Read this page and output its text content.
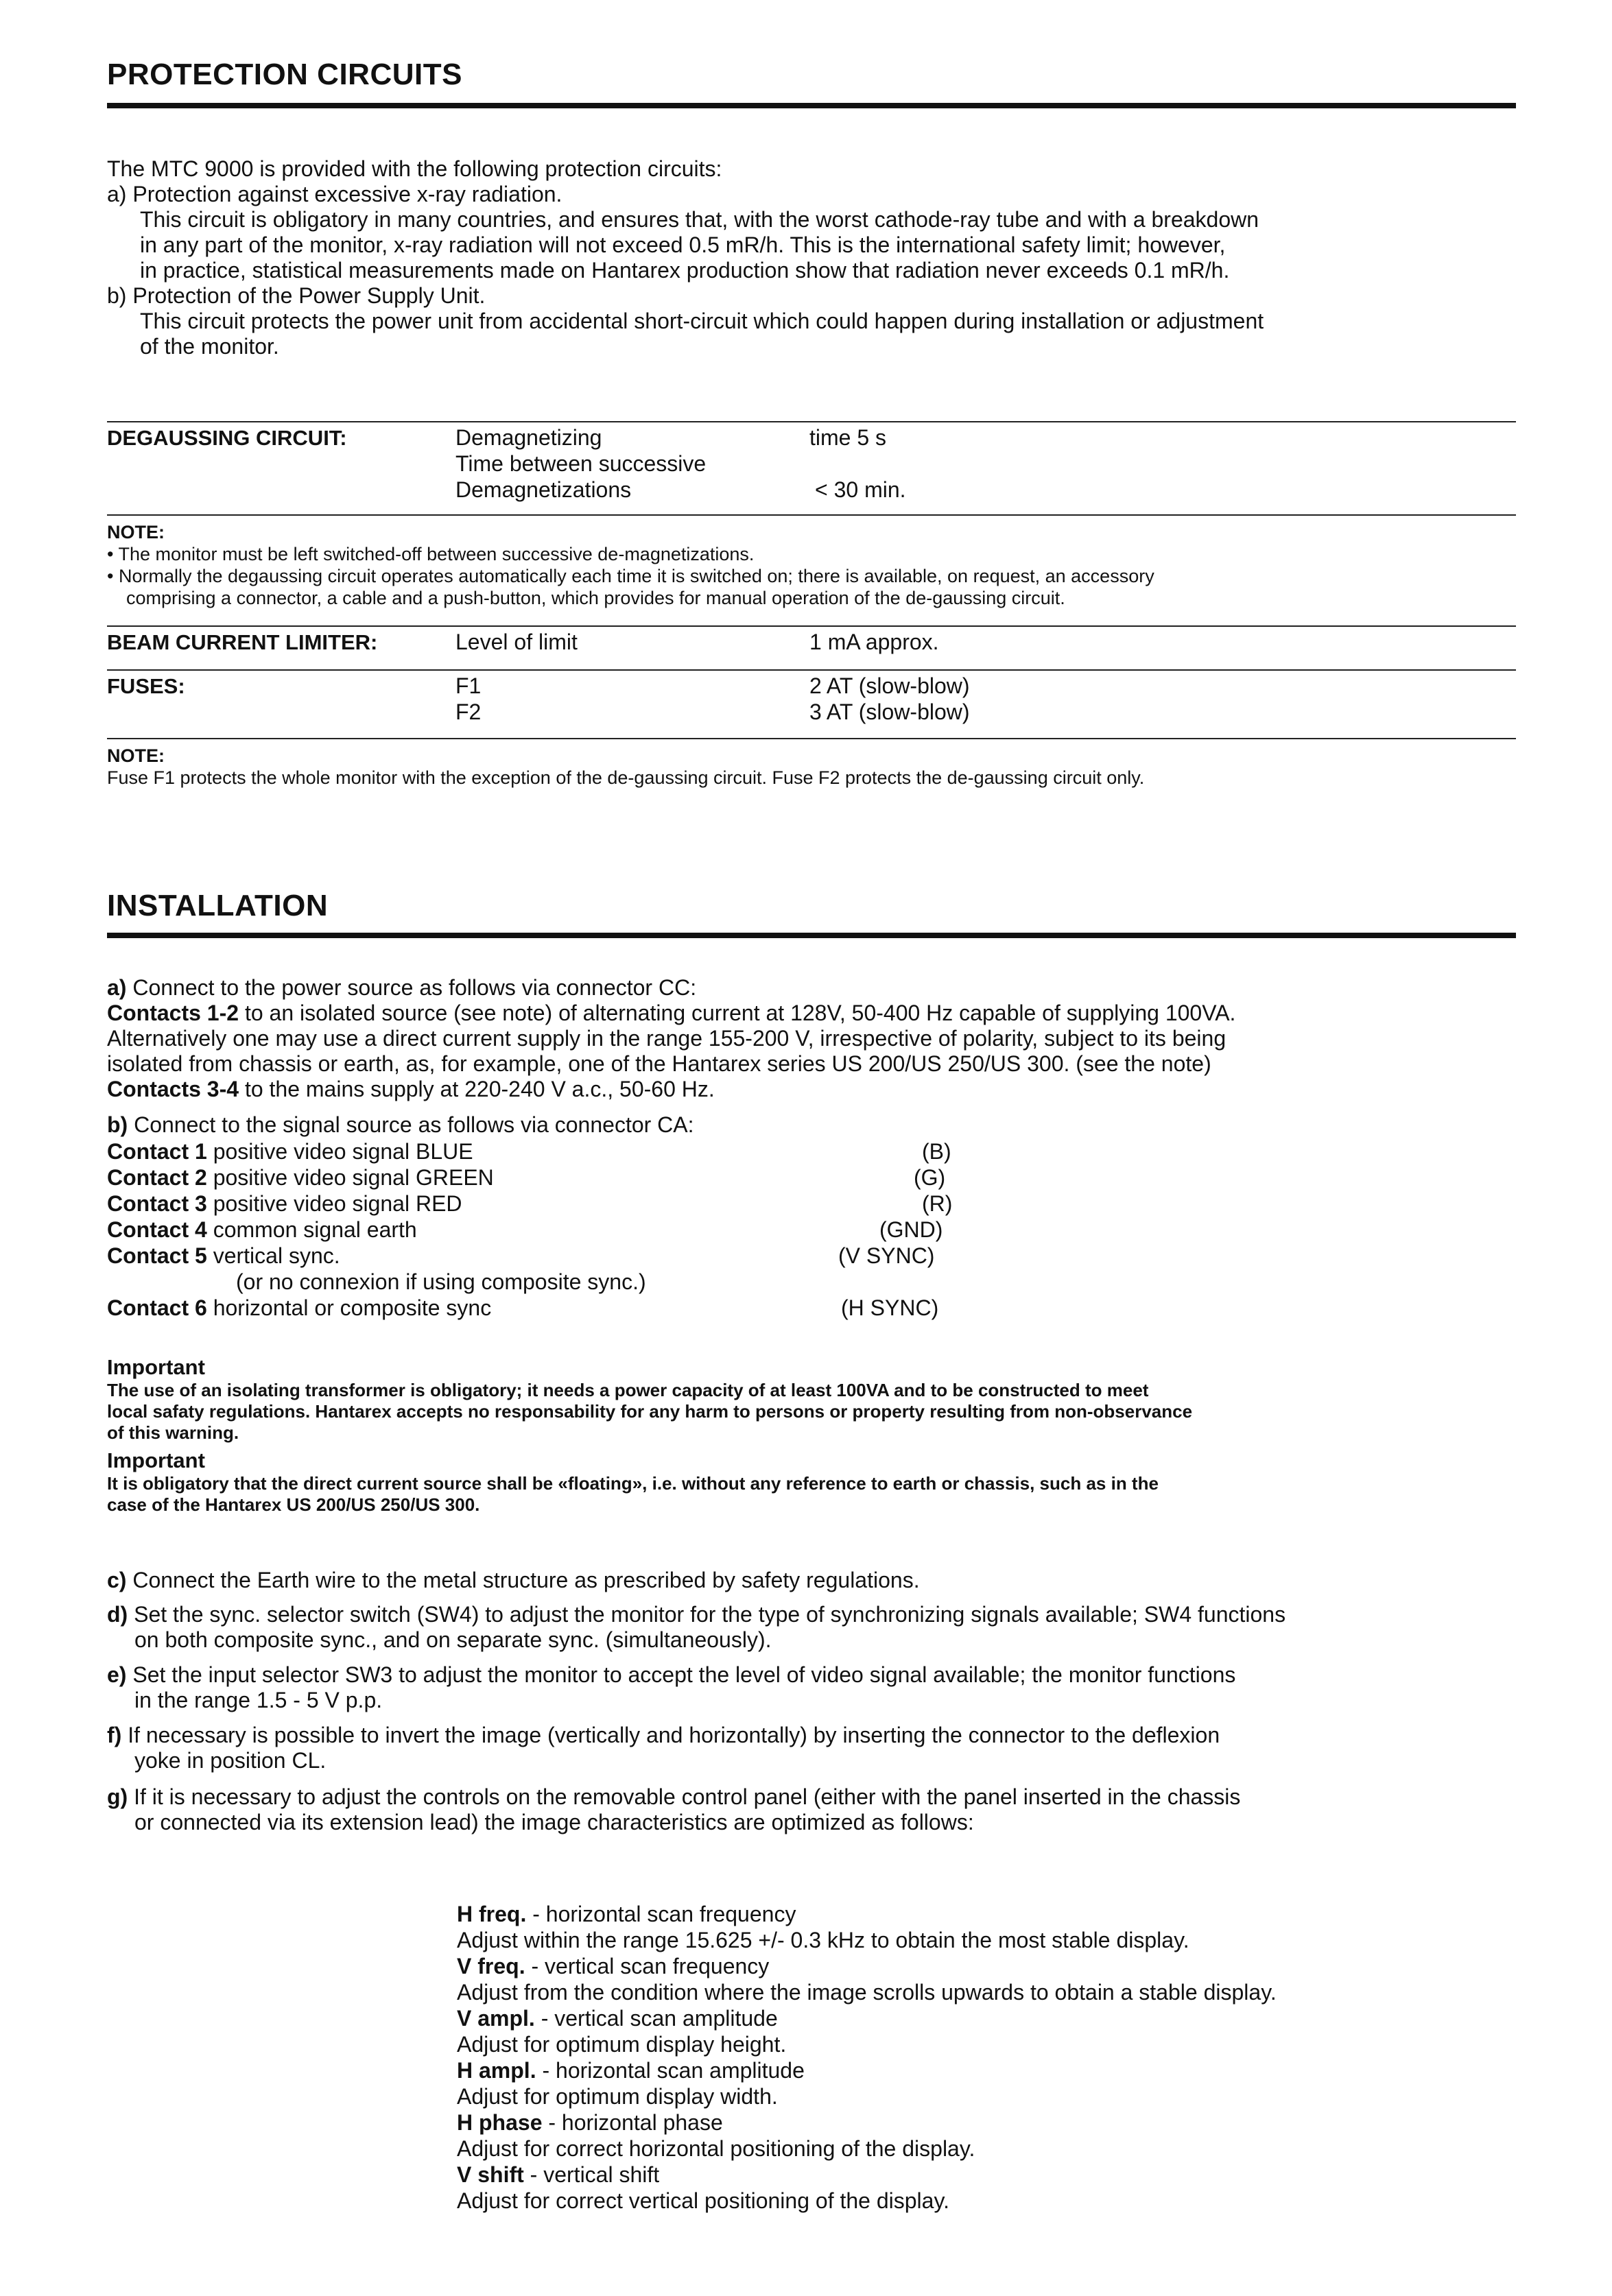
PROTECTION CIRCUITS
The MTC 9000 is provided with the following protection circuits:
a) Protection against excessive x-ray radiation.
This circuit is obligatory in many countries, and ensures that, with the worst cathode-ray tube and with a breakdown
in any part of the monitor, x-ray radiation will not exceed 0.5 mR/h. This is the international safety limit; however,
in practice, statistical measurements made on Hantarex production show that radiation never exceeds 0.1 mR/h.
b) Protection of the Power Supply Unit.
This circuit protects the power unit from accidental short-circuit which could happen during installation or adjustment
of the monitor.
DEGAUSSING CIRCUIT:	Demagnetizing	time 5 s
Time between successive
Demagnetizations	< 30 min.
NOTE:
• The monitor must be left switched-off between successive de-magnetizations.
• Normally the degaussing circuit operates automatically each time it is switched on; there is available, on request, an accessory
comprising a connector, a cable and a push-button, which provides for manual operation of the de-gaussing circuit.
BEAM CURRENT LIMITER:	Level of limit	1 mA approx.
FUSES:	F1	2 AT (slow-blow)
F2	3 AT (slow-blow)
NOTE:
Fuse F1 protects the whole monitor with the exception of the de-gaussing circuit. Fuse F2 protects the de-gaussing circuit only.
INSTALLATION
a) Connect to the power source as follows via connector CC:
Contacts 1-2 to an isolated source (see note) of alternating current at 128V, 50-400 Hz capable of supplying 100VA.
Alternatively one may use a direct current supply in the range 155-200 V, irrespective of polarity, subject to its being
isolated from chassis or earth, as, for example, one of the Hantarex series US 200/US 250/US 300. (see the note)
Contacts 3-4 to the mains supply at 220-240 V a.c., 50-60 Hz.
b) Connect to the signal source as follows via connector CA:
Contact 1 positive video signal BLUE	(B)
Contact 2 positive video signal GREEN	(G)
Contact 3 positive video signal RED	(R)
Contact 4 common signal earth	(GND)
Contact 5 vertical sync.	(V SYNC)
(or no connexion if using composite sync.)
Contact 6 horizontal or composite sync	(H SYNC)
Important
The use of an isolating transformer is obligatory; it needs a power capacity of at least 100VA and to be constructed to meet
local safaty regulations. Hantarex accepts no responsability for any harm to persons or property resulting from non-observance
of this warning.
Important
It is obligatory that the direct current source shall be «floating», i.e. without any reference to earth or chassis, such as in the
case of the Hantarex US 200/US 250/US 300.
c) Connect the Earth wire to the metal structure as prescribed by safety regulations.
d) Set the sync. selector switch (SW4) to adjust the monitor for the type of synchronizing signals available; SW4 functions
on both composite sync., and on separate sync. (simultaneously).
e) Set the input selector SW3 to adjust the monitor to accept the level of video signal available; the monitor functions
in the range 1.5 - 5 V p.p.
f) If necessary is possible to invert the image (vertically and horizontally) by inserting the connector to the deflexion
yoke in position CL.
g) If it is necessary to adjust the controls on the removable control panel (either with the panel inserted in the chassis
or connected via its extension lead) the image characteristics are optimized as follows:
H freq. - horizontal scan frequency
Adjust within the range 15.625 +/- 0.3 kHz to obtain the most stable display.
V freq. - vertical scan frequency
Adjust from the condition where the image scrolls upwards to obtain a stable display.
V ampl. - vertical scan amplitude
Adjust for optimum display height.
H ampl. - horizontal scan amplitude
Adjust for optimum display width.
H phase - horizontal phase
Adjust for correct horizontal positioning of the display.
V shift - vertical shift
Adjust for correct vertical positioning of the display.
